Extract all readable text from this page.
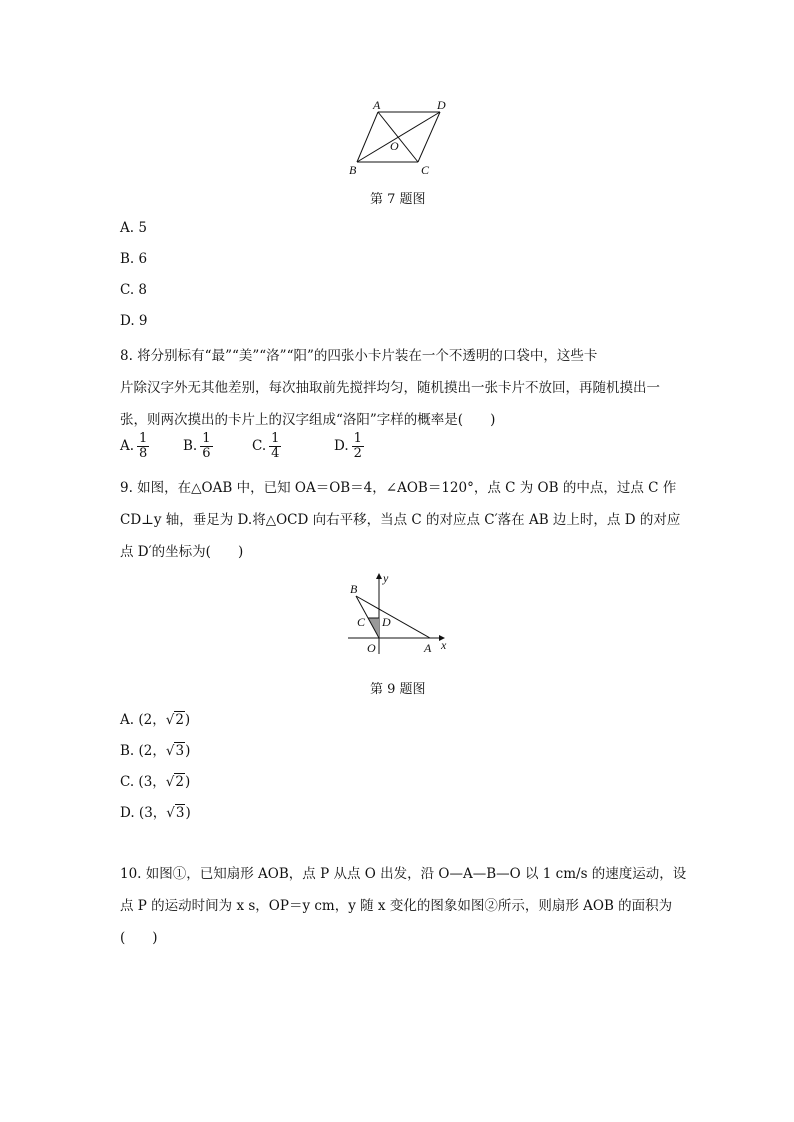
A	D
O
B	C
第 7 题图
A. 5
B. 6
C. 8
D. 9
8. 将分别标有“最”“美”“洛”“阳”的四张小卡片装在一个不透明的口袋中，这些卡
片除汉字外无其他差别，每次抽取前先搅拌均匀，随机摸出一张卡片不放回，再随机摸出一
张，则两次摸出的卡片上的汉字组成“洛阳”字样的概率是(　　)
A. $\frac{1}{8} B$. $\frac{1}{6}$	C. $\frac{1}{4}$	D. $\frac{1}{2}$
9. 如图，在△OAB 中，已知 OA＝OB＝4，∠AOB＝120°，点 C 为 OB 的中点，过点 C 作
CD⊥y 轴，垂足为 D.将△OCD 向右平移，当点 C 的对应点 C′落在 AB 边上时，点 D 的对应
点 D′的坐标为(　　)
B
y
C D
O	A x
第 9 题图
A. (2，√2)
B. (2，√3)
C. (3，√2)
D. (3，√3)
10. 如图①，已知扇形 AOB，点 P 从点 O 出发，沿 O—A—B—O 以 1 cm/s 的速度运动，设
点 P 的运动时间为 x s，OP＝y cm，y 随 x 变化的图象如图②所示，则扇形 AOB 的面积为
(　　)
